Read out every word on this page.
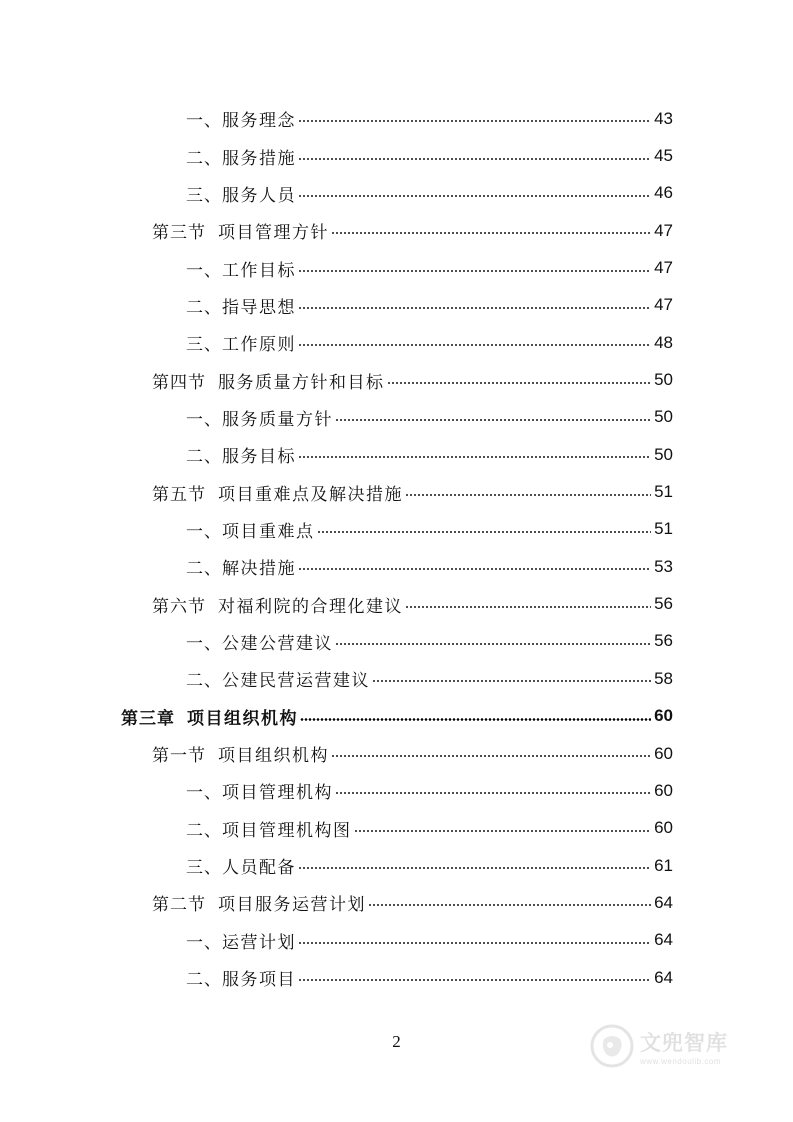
一、 服务理念	43
二、 服务措施	45
三、 服务人员	46
第三节 项目管理方针	47
一、 工作目标	47
二、 指导思想	47
三、 工作原则	48
第四节 服务质量方针和目标	50
一、 服务质量方针	50
二、 服务目标	50
第五节 项目重难点及解决措施	51
一、 项目重难点	51
二、 解决措施	53
第六节 对福利院的合理化建议	56
一、 公建公营建议	56
二、 公建民营运营建议	58
第三章 项目组织机构	60
第一节 项目组织机构	60
一、 项目管理机构	60
二、 项目管理机构图	60
三、 人员配备	61
第二节 项目服务运营计划	64
一、 运营计划	64
二、 服务项目	64
2	文兜智库
www.wendoulib.com
